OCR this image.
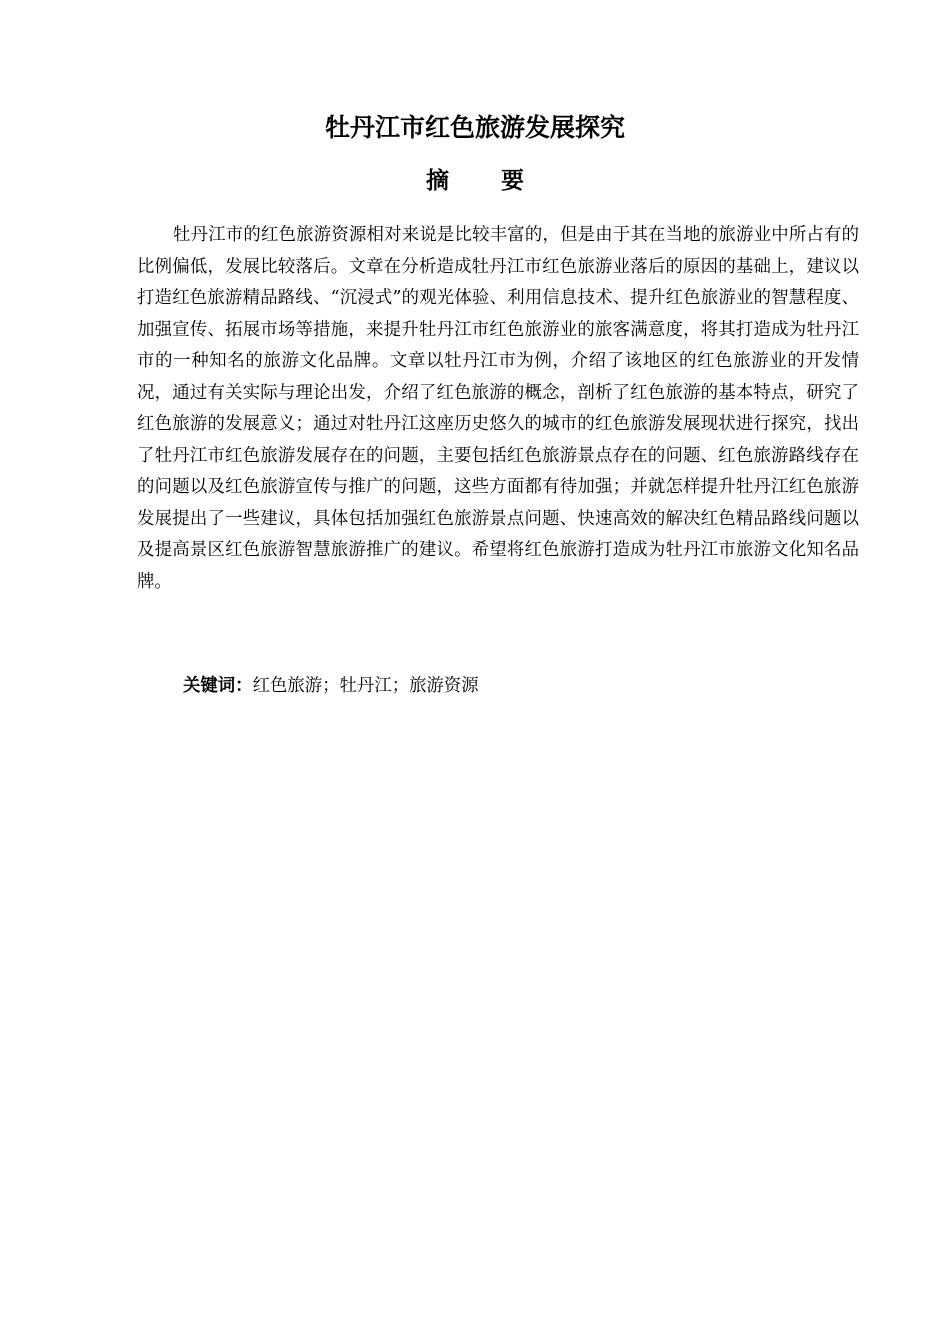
牡丹江市红色旅游发展探究
摘要

牡丹江市的红色旅游资源相对来说是比较丰富的，但是由于其在当地的旅游业中所占有的比例偏低，发展比较落后。文章在分析造成牡丹江市红色旅游业落后的原因的基础上，建议以打造红色旅游精品路线、“沉浸式”的观光体验、利用信息技术、提升红色旅游业的智慧程度、加强宣传、拓展市场等措施，来提升牡丹江市红色旅游业的旅客满意度，将其打造成为牡丹江市的一种知名的旅游文化品牌。文章以牡丹江市为例，介绍了该地区的红色旅游业的开发情况，通过有关实际与理论出发，介绍了红色旅游的概念，剖析了红色旅游的基本特点，研究了红色旅游的发展意义；通过对牡丹江这座历史悠久的城市的红色旅游发展现状进行探究，找出了牡丹江市红色旅游发展存在的问题，主要包括红色旅游景点存在的问题、红色旅游路线存在的问题以及红色旅游宣传与推广的问题，这些方面都有待加强；并就怎样提升牡丹江红色旅游发展提出了一些建议，具体包括加强红色旅游景点问题、快速高效的解决红色精品路线问题以及提高景区红色旅游智慧旅游推广的建议。希望将红色旅游打造成为牡丹江市旅游文化知名品牌。

关键词：红色旅游；牡丹江；旅游资源
